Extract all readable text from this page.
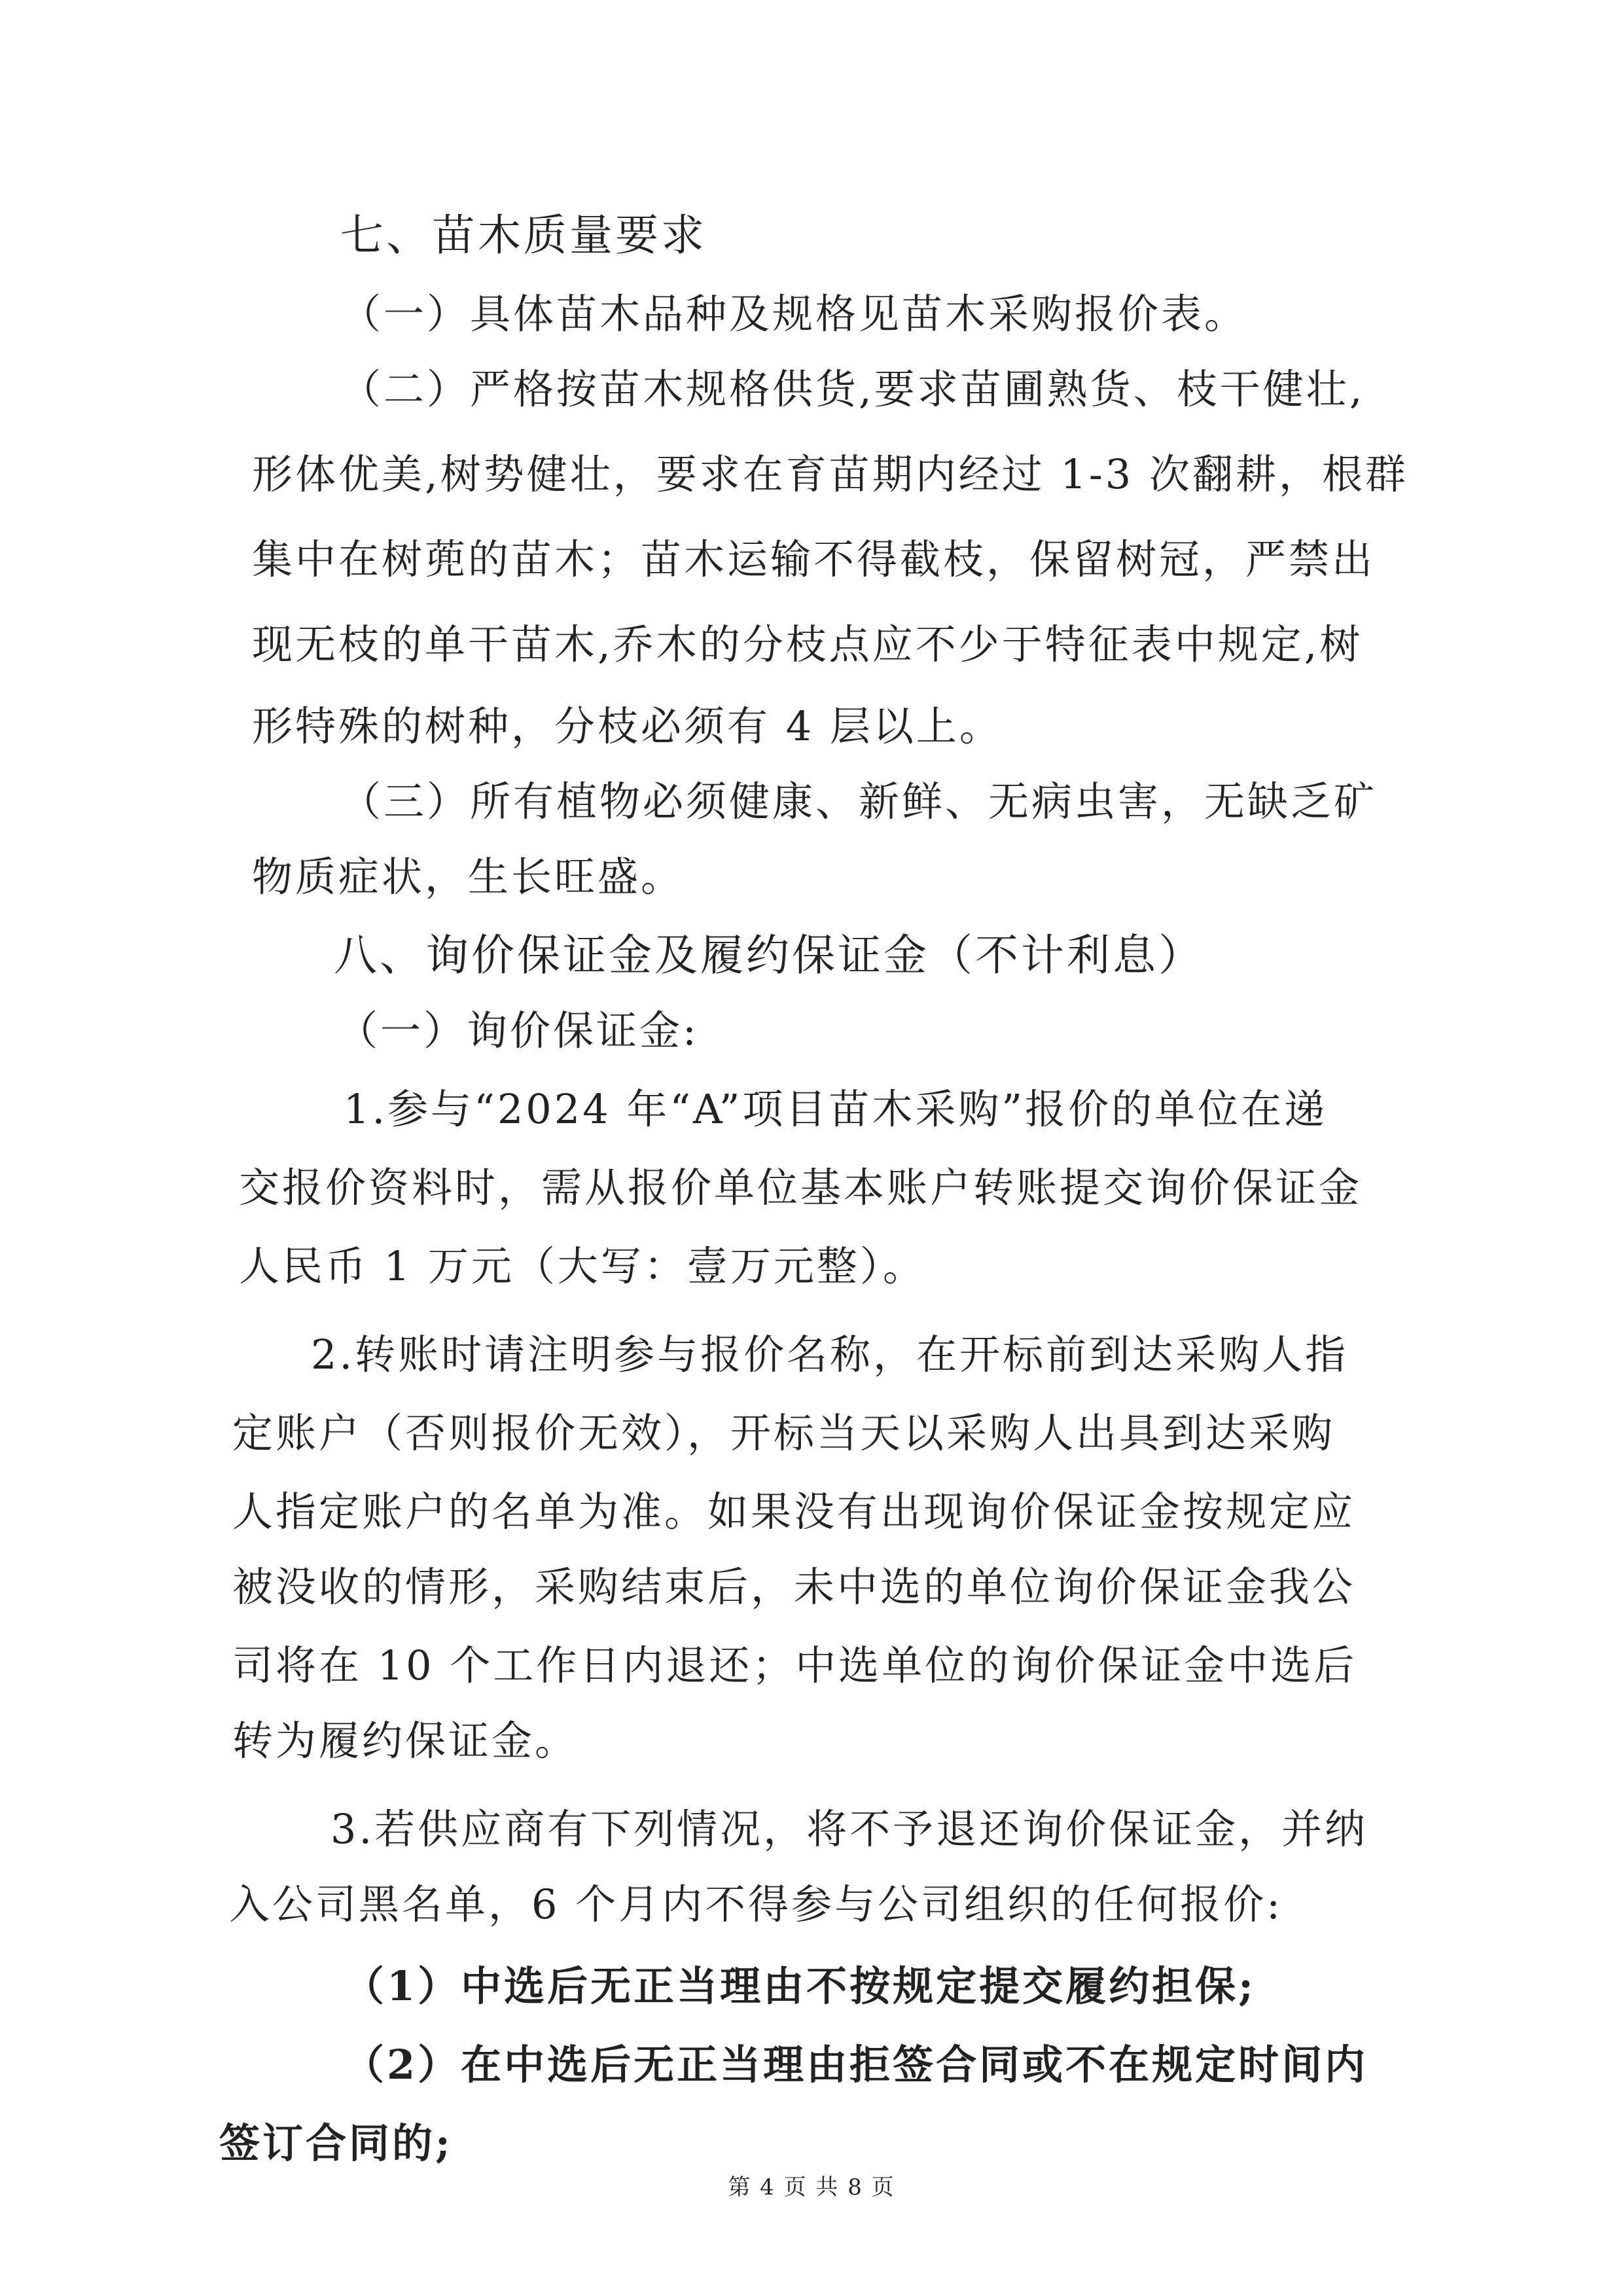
七、苗木质量要求
（一）具体苗木品种及规格见苗木采购报价表。
（二）严格按苗木规格供货,要求苗圃熟货、枝干健壮,
形体优美,树势健壮，要求在育苗期内经过 1-3 次翻耕，根群
集中在树蔸的苗木；苗木运输不得截枝，保留树冠，严禁出
现无枝的单干苗木,乔木的分枝点应不少于特征表中规定,树
形特殊的树种，分枝必须有 4 层以上。
（三）所有植物必须健康、新鲜、无病虫害，无缺乏矿
物质症状，生长旺盛。
八、询价保证金及履约保证金（不计利息）
（一）询价保证金:
1.参与“2024 年“A”项目苗木采购”报价的单位在递
交报价资料时，需从报价单位基本账户转账提交询价保证金
人民币 1 万元（大写：壹万元整）。
2.转账时请注明参与报价名称，在开标前到达采购人指
定账户（否则报价无效），开标当天以采购人出具到达采购
人指定账户的名单为准。如果没有出现询价保证金按规定应
被没收的情形，采购结束后，未中选的单位询价保证金我公
司将在 10 个工作日内退还；中选单位的询价保证金中选后
转为履约保证金。
3.若供应商有下列情况，将不予退还询价保证金，并纳
入公司黑名单，6 个月内不得参与公司组织的任何报价:
（1）中选后无正当理由不按规定提交履约担保;
（2）在中选后无正当理由拒签合同或不在规定时间内
签订合同的;
第 4 页 共 8 页
